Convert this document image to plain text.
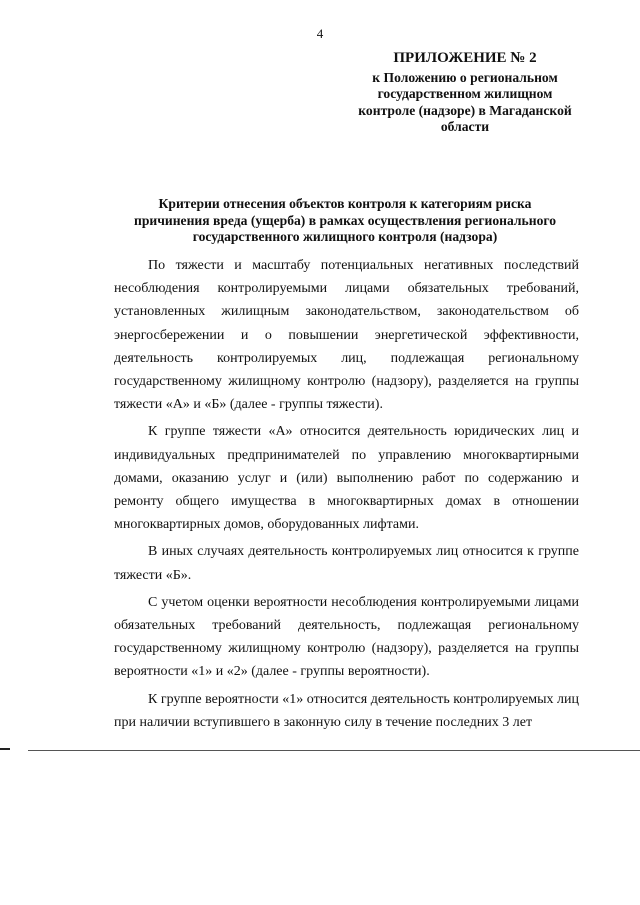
4
ПРИЛОЖЕНИЕ № 2
к Положению о региональном
государственном жилищном
контроле (надзоре) в Магаданской
области
Критерии отнесения объектов контроля к категориям риска
причинения вреда (ущерба) в рамках осуществления регионального
государственного жилищного контроля (надзора)

По тяжести и масштабу потенциальных негативных последствий несоблюдения контролируемыми лицами обязательных требований, установленных жилищным законодательством, законодательством об энергосбережении и о повышении энергетической эффективности, деятельность контролируемых лиц, подлежащая региональному государственному жилищному контролю (надзору), разделяется на группы тяжести «А» и «Б» (далее - группы тяжести).

К группе тяжести «А» относится деятельность юридических лиц и индивидуальных предпринимателей по управлению многоквартирными домами, оказанию услуг и (или) выполнению работ по содержанию и ремонту общего имущества в многоквартирных домах в отношении многоквартирных домов, оборудованных лифтами.

В иных случаях деятельность контролируемых лиц относится к группе тяжести «Б».

С учетом оценки вероятности несоблюдения контролируемыми лицами обязательных требований деятельность, подлежащая региональному государственному жилищному контролю (надзору), разделяется на группы вероятности «1» и «2» (далее - группы вероятности).

К группе вероятности «1» относится деятельность контролируемых лиц при наличии вступившего в законную силу в течение последних 3 лет
